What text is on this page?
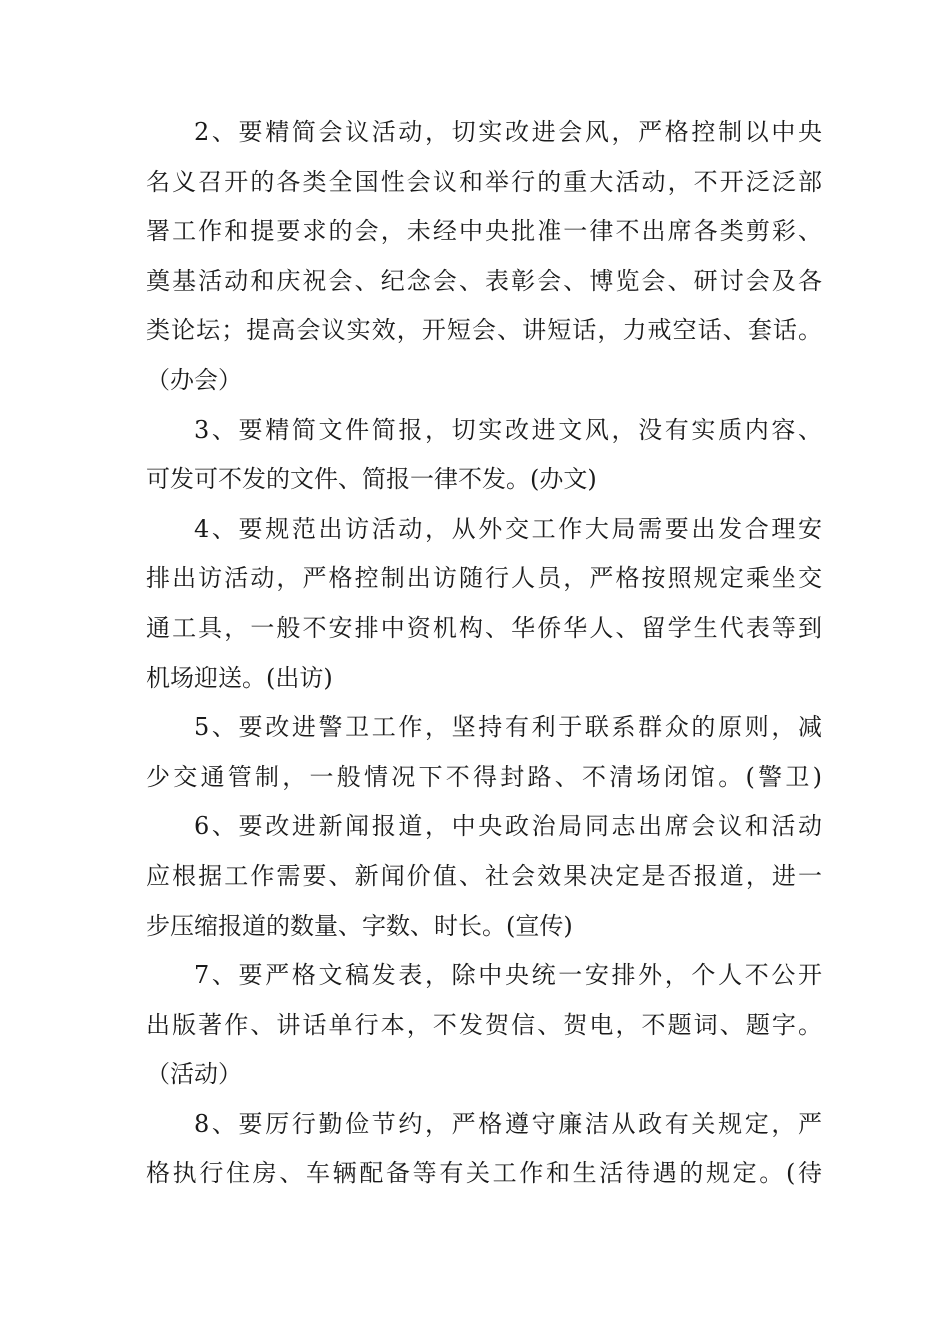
2、要精简会议活动，切实改进会风，严格控制以中央
名义召开的各类全国性会议和举行的重大活动，不开泛泛部
署工作和提要求的会，未经中央批准一律不出席各类剪彩、
奠基活动和庆祝会、纪念会、表彰会、博览会、研讨会及各
类论坛；提高会议实效，开短会、讲短话，力戒空话、套话。
（办会）
3、要精简文件简报，切实改进文风，没有实质内容、
可发可不发的文件、简报一律不发。(办文)
4、要规范出访活动，从外交工作大局需要出发合理安
排出访活动，严格控制出访随行人员，严格按照规定乘坐交
通工具，一般不安排中资机构、华侨华人、留学生代表等到
机场迎送。(出访)
5、要改进警卫工作，坚持有利于联系群众的原则，减
少交通管制，一般情况下不得封路、不清场闭馆。(警卫)
6、要改进新闻报道，中央政治局同志出席会议和活动
应根据工作需要、新闻价值、社会效果决定是否报道，进一
步压缩报道的数量、字数、时长。(宣传)
7、要严格文稿发表，除中央统一安排外，个人不公开
出版著作、讲话单行本，不发贺信、贺电，不题词、题字。
（活动）
8、要厉行勤俭节约，严格遵守廉洁从政有关规定，严
格执行住房、车辆配备等有关工作和生活待遇的规定。(待
